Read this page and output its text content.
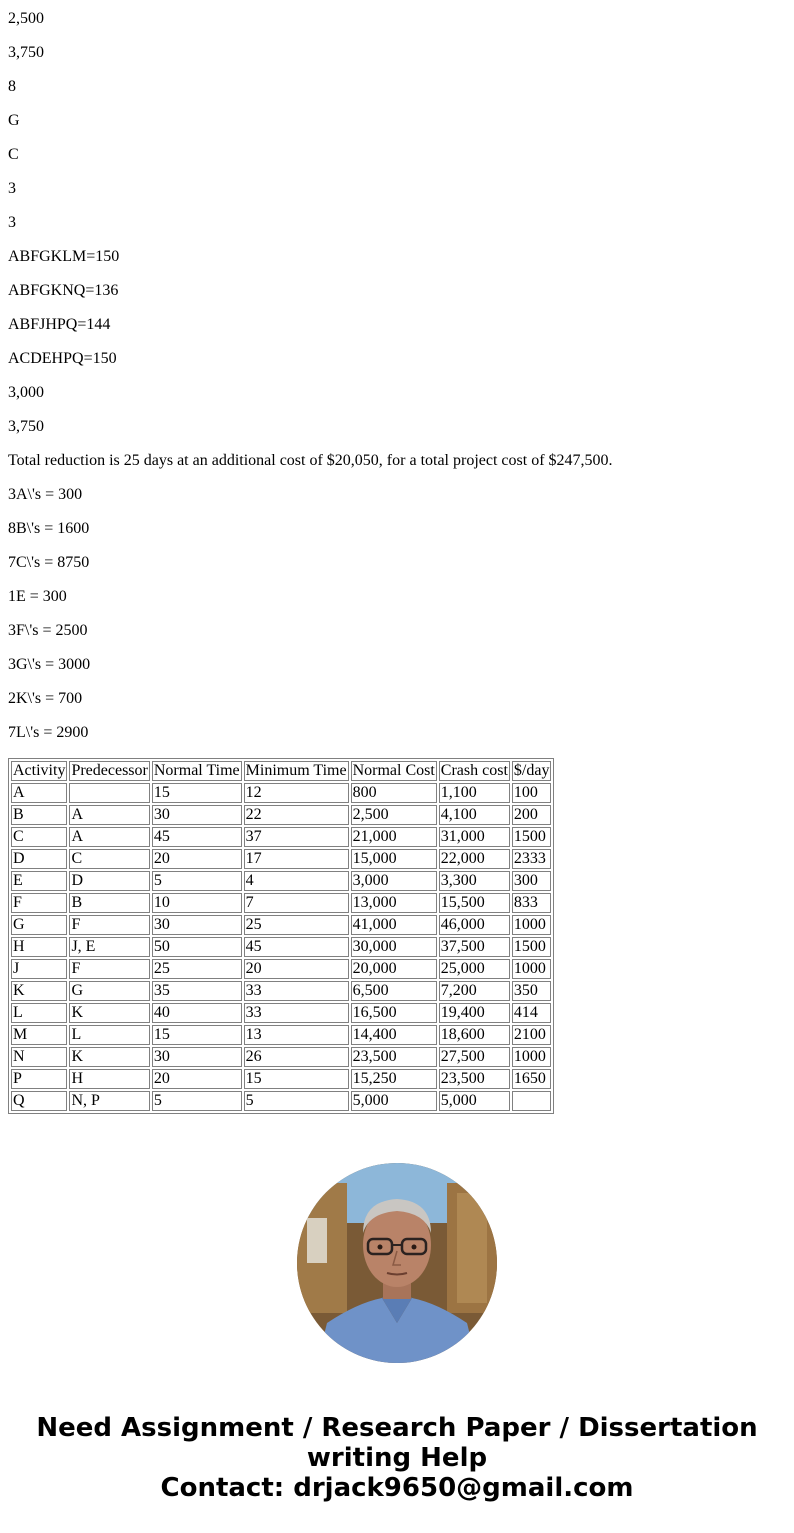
2,500

3,750

8

G

C

3

3

ABFGKLM=150

ABFGKNQ=136

ABFJHPQ=144

ACDEHPQ=150

3,000

3,750

Total reduction is 25 days at an additional cost of $20,050, for a total project cost of $247,500.

3A\'s = 300

8B\'s = 1600

7C\'s = 8750

1E = 300

3F\'s = 2500

3G\'s = 3000

2K\'s = 700

7L\'s = 2900

Activity	Predecessor	Normal Time	Minimum Time	Normal Cost	Crash cost	$/day
A		15	12	800	1,100	100
B	A	30	22	2,500	4,100	200
C	A	45	37	21,000	31,000	1500
D	C	20	17	15,000	22,000	2333
E	D	5	4	3,000	3,300	300
F	B	10	7	13,000	15,500	833
G	F	30	25	41,000	46,000	1000
H	J, E	50	45	30,000	37,500	1500
J	F	25	20	20,000	25,000	1000
K	G	35	33	6,500	7,200	350
L	K	40	33	16,500	19,400	414
M	L	15	13	14,400	18,600	2100
N	K	30	26	23,500	27,500	1000
P	H	20	15	15,250	23,500	1650
Q	N, P	5	5	5,000	5,000	
Need Assignment / Research Paper / Dissertation
writing Help
Contact: drjack9650@gmail.com
